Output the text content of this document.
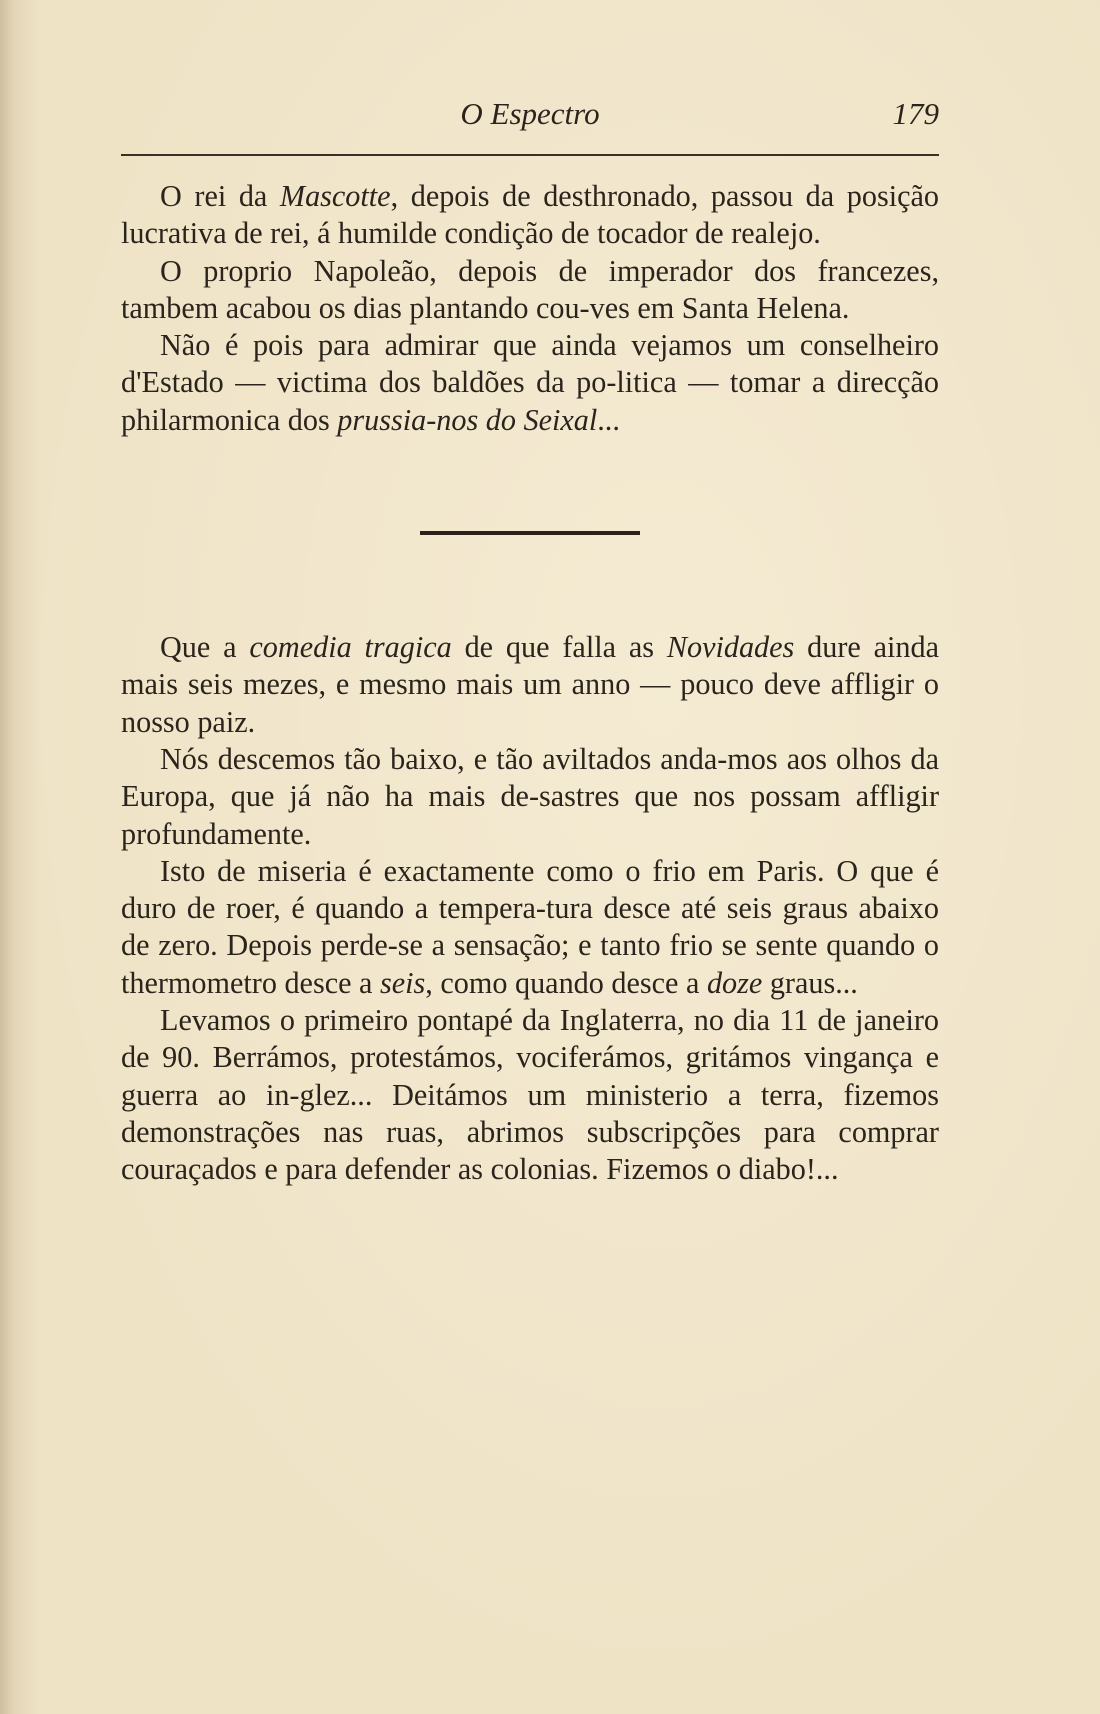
O Espectro	179

O rei da Mascotte, depois de desthronado, passou da posição lucrativa de rei, á humilde condição de tocador de realejo.

O proprio Napoleão, depois de imperador dos francezes, tambem acabou os dias plantando cou-ves em Santa Helena.

Não é pois para admirar que ainda vejamos um conselheiro d'Estado — victima dos baldões da po-litica — tomar a direcção philarmonica dos prussia-nos do Seixal...

Que a comedia tragica de que falla as Novidades dure ainda mais seis mezes, e mesmo mais um anno — pouco deve affligir o nosso paiz.

Nós descemos tão baixo, e tão aviltados anda-mos aos olhos da Europa, que já não ha mais de-sastres que nos possam affligir profundamente.

Isto de miseria é exactamente como o frio em Paris. O que é duro de roer, é quando a tempera-tura desce até seis graus abaixo de zero. Depois perde-se a sensação; e tanto frio se sente quando o thermometro desce a seis, como quando desce a doze graus...

Levamos o primeiro pontapé da Inglaterra, no dia 11 de janeiro de 90. Berrámos, protestámos, vociferámos, gritámos vingança e guerra ao in-glez... Deitámos um ministerio a terra, fizemos demonstrações nas ruas, abrimos subscripções para comprar couraçados e para defender as colonias. Fizemos o diabo!...
